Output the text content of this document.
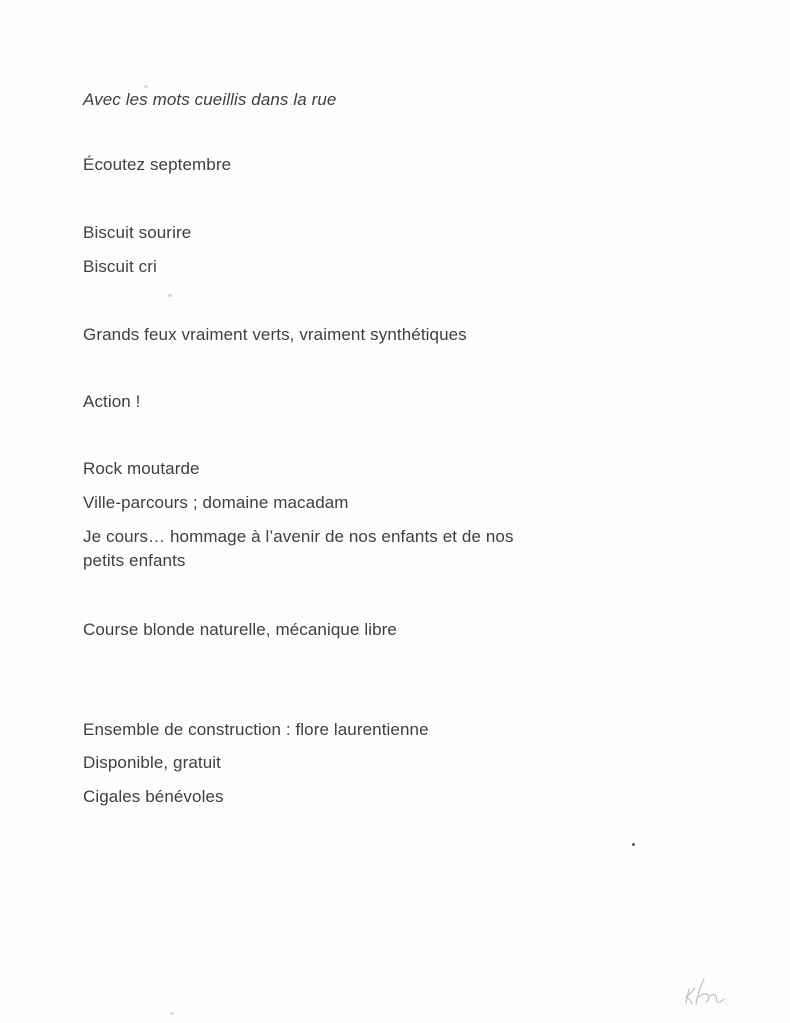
Avec les mots cueillis dans la rue
Écoutez septembre
Biscuit sourire
Biscuit cri
Grands feux vraiment verts, vraiment synthétiques
Action !
Rock moutarde
Ville-parcours ; domaine macadam
Je cours… hommage à l’avenir de nos enfants et de nos petits enfants
Course blonde naturelle, mécanique libre
Ensemble de construction : flore laurentienne
Disponible, gratuit
Cigales bénévoles
